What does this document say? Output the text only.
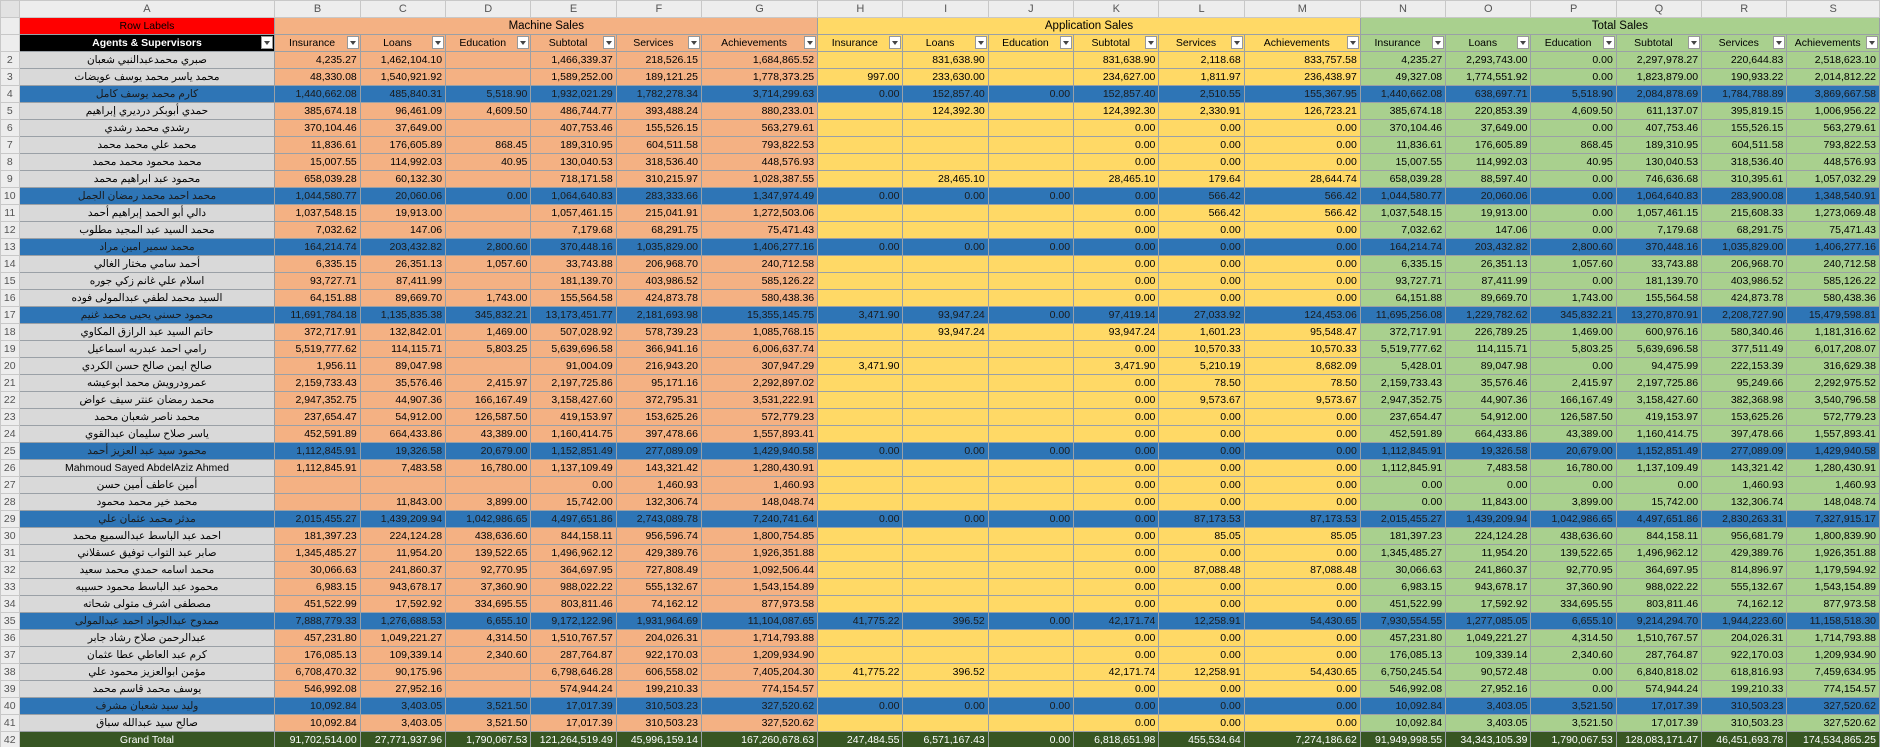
	A	B	C	D	E	F	G	H	I	J	K	L	M	N	O	P	Q	R	S
	Row Labels	Machine Sales						Application Sales						Total Sales					
	Agents & Supervisors	Insurance	Loans	Education	Subtotal	Services	Achievements	Insurance	Loans	Education	Subtotal	Services	Achievements	Insurance	Loans	Education	Subtotal	Services	Achievements

2	صبري محمدعبدالنبي شعبان	4,235.27	1,462,104.10		1,466,339.37	218,526.15	1,684,865.52		831,638.90		831,638.90	2,118.68	833,757.58	4,235.27	2,293,743.00	0.00	2,297,978.27	220,644.83	2,518,623.10
3	محمد ياسر محمد يوسف عويضات	48,330.08	1,540,921.92		1,589,252.00	189,121.25	1,778,373.25	997.00	233,630.00		234,627.00	1,811.97	236,438.97	49,327.08	1,774,551.92	0.00	1,823,879.00	190,933.22	2,014,812.22
4	كارم محمد يوسف كامل	1,440,662.08	485,840.31	5,518.90	1,932,021.29	1,782,278.34	3,714,299.63	0.00	152,857.40	0.00	152,857.40	2,510.55	155,367.95	1,440,662.08	638,697.71	5,518.90	2,084,878.69	1,784,788.89	3,869,667.58
5	حمدي أبوبكر درديري إبراهيم	385,674.18	96,461.09	4,609.50	486,744.77	393,488.24	880,233.01		124,392.30		124,392.30	2,330.91	126,723.21	385,674.18	220,853.39	4,609.50	611,137.07	395,819.15	1,006,956.22
6	رشدي محمد رشدي	370,104.46	37,649.00		407,753.46	155,526.15	563,279.61				0.00	0.00	0.00	370,104.46	37,649.00	0.00	407,753.46	155,526.15	563,279.61
7	محمد علي محمد محمد	11,836.61	176,605.89	868.45	189,310.95	604,511.58	793,822.53				0.00	0.00	0.00	11,836.61	176,605.89	868.45	189,310.95	604,511.58	793,822.53
8	محمد محمود محمد محمد	15,007.55	114,992.03	40.95	130,040.53	318,536.40	448,576.93				0.00	0.00	0.00	15,007.55	114,992.03	40.95	130,040.53	318,536.40	448,576.93
9	محمود عبد ابراهيم محمد	658,039.28	60,132.30		718,171.58	310,215.97	1,028,387.55		28,465.10		28,465.10	179.64	28,644.74	658,039.28	88,597.40	0.00	746,636.68	310,395.61	1,057,032.29
10	محمد احمد محمد رمضان الجمل	1,044,580.77	20,060.06	0.00	1,064,640.83	283,333.66	1,347,974.49	0.00	0.00	0.00	0.00	566.42	566.42	1,044,580.77	20,060.06	0.00	1,064,640.83	283,900.08	1,348,540.91
11	دالي أبو الحمد إبراهيم أحمد	1,037,548.15	19,913.00		1,057,461.15	215,041.91	1,272,503.06				0.00	566.42	566.42	1,037,548.15	19,913.00	0.00	1,057,461.15	215,608.33	1,273,069.48
12	محمد السيد عبد المجيد مطلوب	7,032.62	147.06		7,179.68	68,291.75	75,471.43				0.00	0.00	0.00	7,032.62	147.06	0.00	7,179.68	68,291.75	75,471.43
13	محمد سمير امين مراد	164,214.74	203,432.82	2,800.60	370,448.16	1,035,829.00	1,406,277.16	0.00	0.00	0.00	0.00	0.00	0.00	164,214.74	203,432.82	2,800.60	370,448.16	1,035,829.00	1,406,277.16
14	أحمد سامي مختار الغالي	6,335.15	26,351.13	1,057.60	33,743.88	206,968.70	240,712.58				0.00	0.00	0.00	6,335.15	26,351.13	1,057.60	33,743.88	206,968.70	240,712.58
15	اسلام علي غانم زكي جوره	93,727.71	87,411.99		181,139.70	403,986.52	585,126.22				0.00	0.00	0.00	93,727.71	87,411.99	0.00	181,139.70	403,986.52	585,126.22
16	السيد محمد لطفي عبدالمولى فوده	64,151.88	89,669.70	1,743.00	155,564.58	424,873.78	580,438.36				0.00	0.00	0.00	64,151.88	89,669.70	1,743.00	155,564.58	424,873.78	580,438.36
17	محمود حسني يحيى محمد غنيم	11,691,784.18	1,135,835.38	345,832.21	13,173,451.77	2,181,693.98	15,355,145.75	3,471.90	93,947.24	0.00	97,419.14	27,033.92	124,453.06	11,695,256.08	1,229,782.62	345,832.21	13,270,870.91	2,208,727.90	15,479,598.81
18	حاتم السيد عبد الرازق المكاوي	372,717.91	132,842.01	1,469.00	507,028.92	578,739.23	1,085,768.15		93,947.24		93,947.24	1,601.23	95,548.47	372,717.91	226,789.25	1,469.00	600,976.16	580,340.46	1,181,316.62
19	رامي احمد عبدربه اسماعيل	5,519,777.62	114,115.71	5,803.25	5,639,696.58	366,941.16	6,006,637.74				0.00	10,570.33	10,570.33	5,519,777.62	114,115.71	5,803.25	5,639,696.58	377,511.49	6,017,208.07
20	صالح ايمن صالح حسن الكردي	1,956.11	89,047.98		91,004.09	216,943.20	307,947.29	3,471.90			3,471.90	5,210.19	8,682.09	5,428.01	89,047.98	0.00	94,475.99	222,153.39	316,629.38
21	عمرودرويش محمد ابوعيشه	2,159,733.43	35,576.46	2,415.97	2,197,725.86	95,171.16	2,292,897.02				0.00	78.50	78.50	2,159,733.43	35,576.46	2,415.97	2,197,725.86	95,249.66	2,292,975.52
22	محمد رمضان عنتر سيف عواض	2,947,352.75	44,907.36	166,167.49	3,158,427.60	372,795.31	3,531,222.91				0.00	9,573.67	9,573.67	2,947,352.75	44,907.36	166,167.49	3,158,427.60	382,368.98	3,540,796.58
23	محمد ناصر شعبان محمد	237,654.47	54,912.00	126,587.50	419,153.97	153,625.26	572,779.23				0.00	0.00	0.00	237,654.47	54,912.00	126,587.50	419,153.97	153,625.26	572,779.23
24	ياسر صلاح سليمان عبدالقوي	452,591.89	664,433.86	43,389.00	1,160,414.75	397,478.66	1,557,893.41				0.00	0.00	0.00	452,591.89	664,433.86	43,389.00	1,160,414.75	397,478.66	1,557,893.41
25	محمود سيد عبد العزيز أحمد	1,112,845.91	19,326.58	20,679.00	1,152,851.49	277,089.09	1,429,940.58	0.00	0.00	0.00	0.00	0.00	0.00	1,112,845.91	19,326.58	20,679.00	1,152,851.49	277,089.09	1,429,940.58
26	Mahmoud Sayed AbdelAziz Ahmed	1,112,845.91	7,483.58	16,780.00	1,137,109.49	143,321.42	1,280,430.91				0.00	0.00	0.00	1,112,845.91	7,483.58	16,780.00	1,137,109.49	143,321.42	1,280,430.91
27	أمين عاطف أمين حسن				0.00	1,460.93	1,460.93				0.00	0.00	0.00	0.00	0.00	0.00	0.00	1,460.93	1,460.93
28	محمد خير محمد محمود		11,843.00	3,899.00	15,742.00	132,306.74	148,048.74				0.00	0.00	0.00	0.00	11,843.00	3,899.00	15,742.00	132,306.74	148,048.74
29	مدثر محمد عثمان علي	2,015,455.27	1,439,209.94	1,042,986.65	4,497,651.86	2,743,089.78	7,240,741.64	0.00	0.00	0.00	0.00	87,173.53	87,173.53	2,015,455.27	1,439,209.94	1,042,986.65	4,497,651.86	2,830,263.31	7,327,915.17
30	احمد عبد الباسط عبدالسميع محمد	181,397.23	224,124.28	438,636.60	844,158.11	956,596.74	1,800,754.85				0.00	85.05	85.05	181,397.23	224,124.28	438,636.60	844,158.11	956,681.79	1,800,839.90
31	صابر عبد التواب توفيق عسقلاني	1,345,485.27	11,954.20	139,522.65	1,496,962.12	429,389.76	1,926,351.88				0.00	0.00	0.00	1,345,485.27	11,954.20	139,522.65	1,496,962.12	429,389.76	1,926,351.88
32	محمد اسامه حمدي محمد سعيد	30,066.63	241,860.37	92,770.95	364,697.95	727,808.49	1,092,506.44				0.00	87,088.48	87,088.48	30,066.63	241,860.37	92,770.95	364,697.95	814,896.97	1,179,594.92
33	محمود عبد الباسط محمود حسيبه	6,983.15	943,678.17	37,360.90	988,022.22	555,132.67	1,543,154.89				0.00	0.00	0.00	6,983.15	943,678.17	37,360.90	988,022.22	555,132.67	1,543,154.89
34	مصطفى اشرف متولى شحاته	451,522.99	17,592.92	334,695.55	803,811.46	74,162.12	877,973.58				0.00	0.00	0.00	451,522.99	17,592.92	334,695.55	803,811.46	74,162.12	877,973.58
35	ممدوح عبدالجواد احمد عبدالمولى	7,888,779.33	1,276,688.53	6,655.10	9,172,122.96	1,931,964.69	11,104,087.65	41,775.22	396.52	0.00	42,171.74	12,258.91	54,430.65	7,930,554.55	1,277,085.05	6,655.10	9,214,294.70	1,944,223.60	11,158,518.30
36	عبدالرحمن صلاح رشاد جابر	457,231.80	1,049,221.27	4,314.50	1,510,767.57	204,026.31	1,714,793.88				0.00	0.00	0.00	457,231.80	1,049,221.27	4,314.50	1,510,767.57	204,026.31	1,714,793.88
37	كرم عبد العاطي عطا عثمان	176,085.13	109,339.14	2,340.60	287,764.87	922,170.03	1,209,934.90				0.00	0.00	0.00	176,085.13	109,339.14	2,340.60	287,764.87	922,170.03	1,209,934.90
38	مؤمن ابوالعزيز محمود علي	6,708,470.32	90,175.96		6,798,646.28	606,558.02	7,405,204.30	41,775.22	396.52		42,171.74	12,258.91	54,430.65	6,750,245.54	90,572.48	0.00	6,840,818.02	618,816.93	7,459,634.95
39	يوسف محمد قاسم محمد	546,992.08	27,952.16		574,944.24	199,210.33	774,154.57				0.00	0.00	0.00	546,992.08	27,952.16	0.00	574,944.24	199,210.33	774,154.57
40	وليد سيد شعبان مشرف	10,092.84	3,403.05	3,521.50	17,017.39	310,503.23	327,520.62	0.00	0.00	0.00	0.00	0.00	0.00	10,092.84	3,403.05	3,521.50	17,017.39	310,503.23	327,520.62
41	صالح سيد عبدالله سباق	10,092.84	3,403.05	3,521.50	17,017.39	310,503.23	327,520.62				0.00	0.00	0.00	10,092.84	3,403.05	3,521.50	17,017.39	310,503.23	327,520.62
42	Grand Total	91,702,514.00	27,771,937.96	1,790,067.53	121,264,519.49	45,996,159.14	167,260,678.63	247,484.55	6,571,167.43	0.00	6,818,651.98	455,534.64	7,274,186.62	91,949,998.55	34,343,105.39	1,790,067.53	128,083,171.47	46,451,693.78	174,534,865.25
